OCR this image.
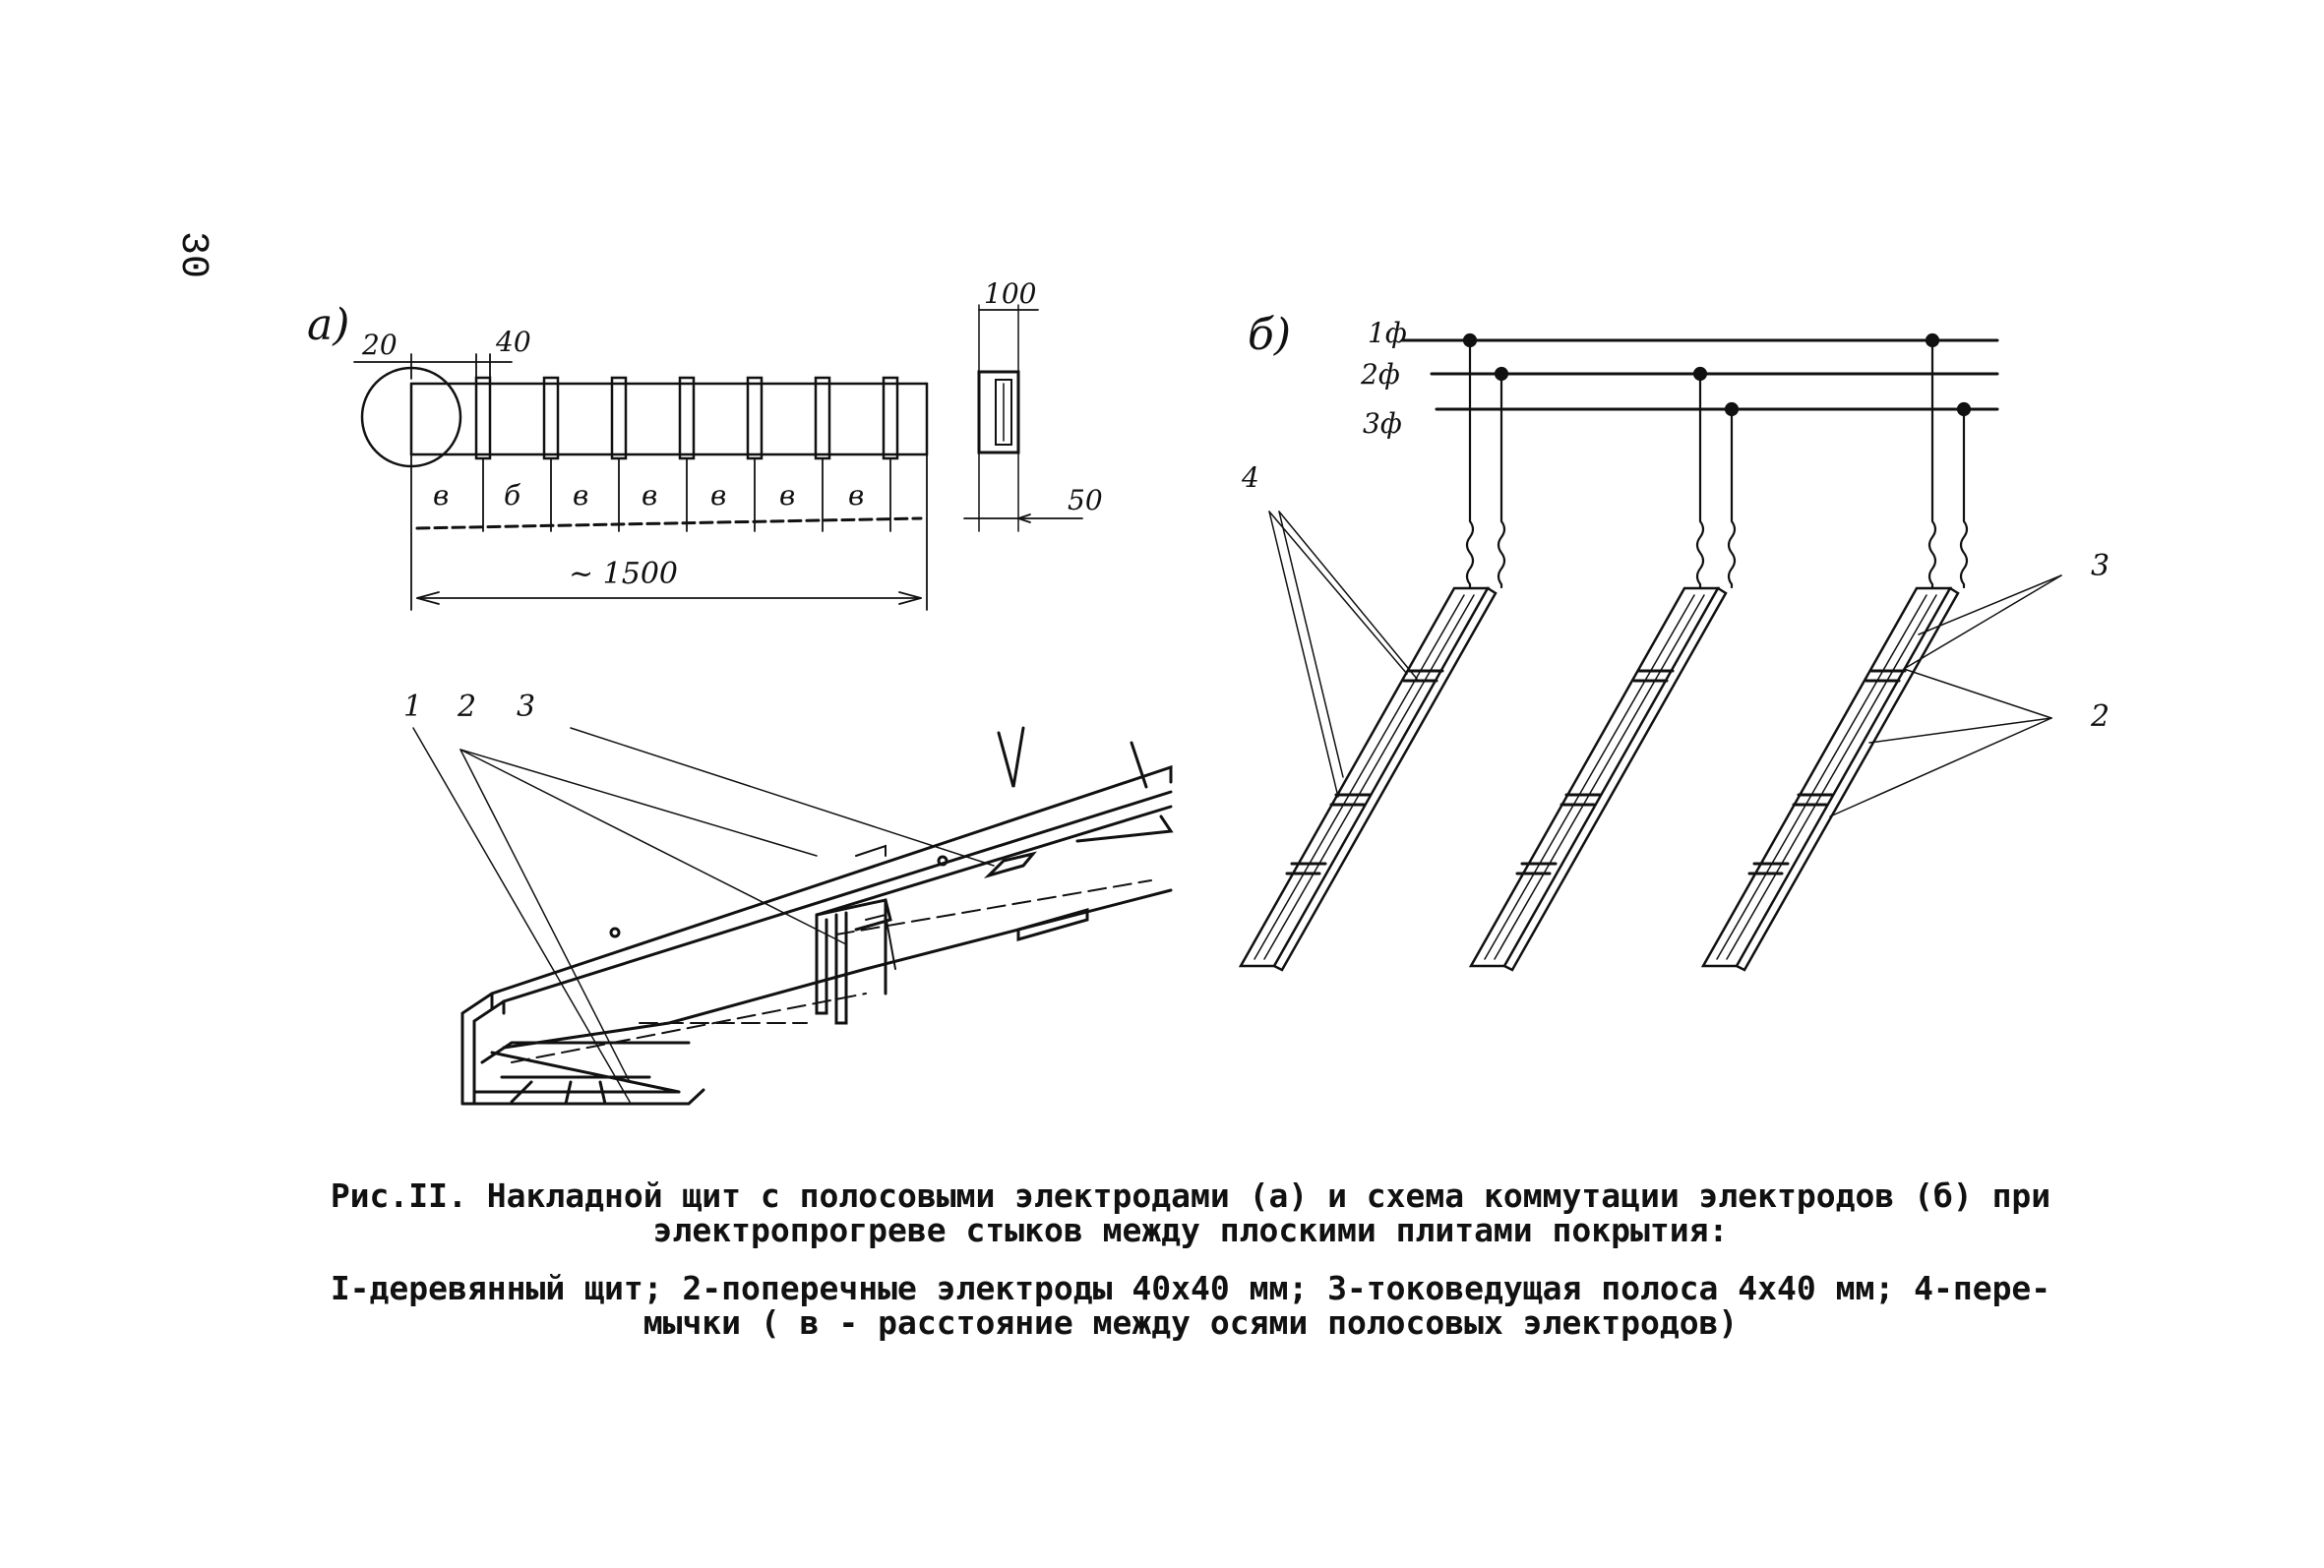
30
а) 20	40
~ 1500
100
50
1 2 3
б)	1ф
2ф
3ф
4
3
2
в б в в в в в
Рис.II. Накладной щит с полосовыми электродами (а) и схема коммутации электродов (б) при
электропрогреве стыков между плоскими плитами покрытия:
I-деревянный щит; 2-поперечные электроды 40х40 мм; 3-токоведущая полоса 4х40 мм; 4-пере-
мычки ( в - расстояние между осями полосовых электродов)
